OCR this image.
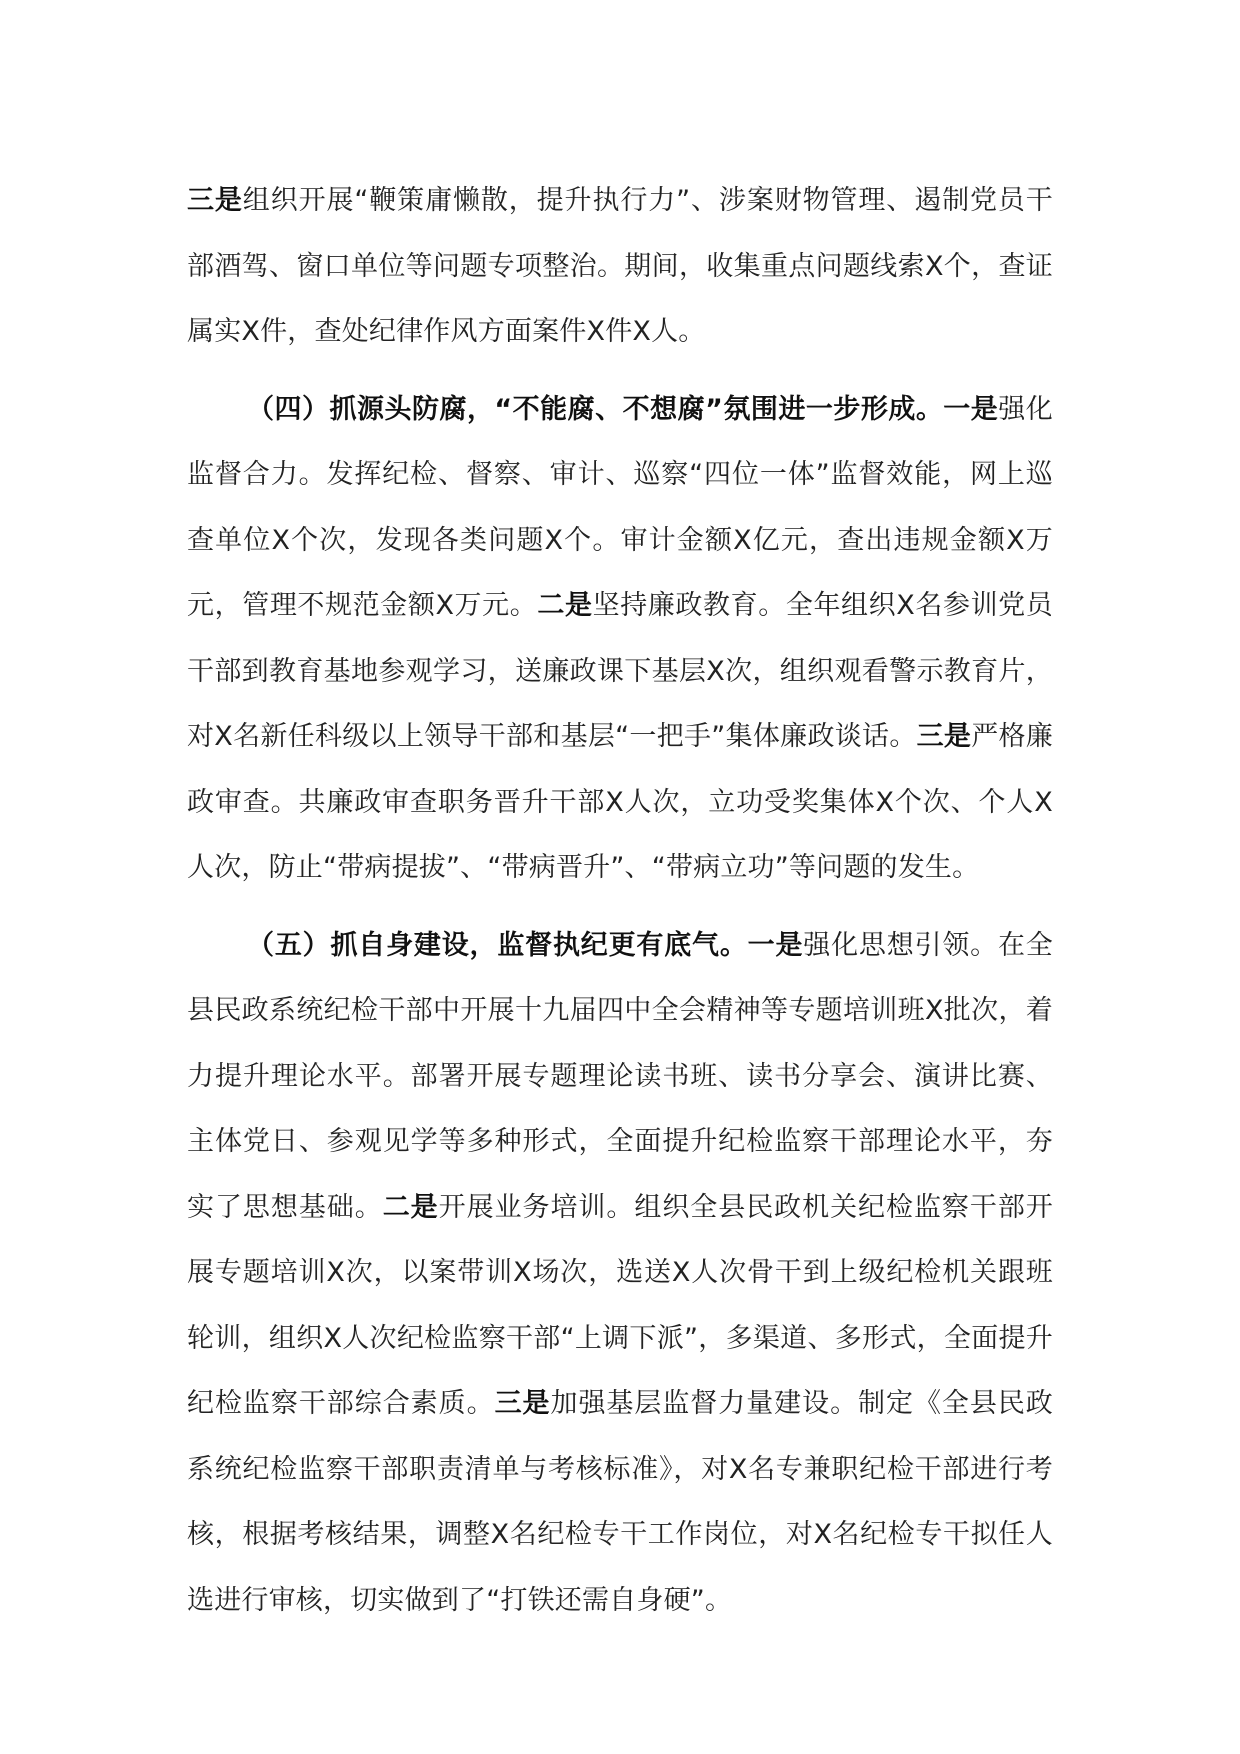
三是组织开展“鞭策庸懒散，提升执行力”、涉案财物管理、遏制党员干部酒驾、窗口单位等问题专项整治。期间，收集重点问题线索X个，查证属实X件，查处纪律作风方面案件X件X人。

（四）抓源头防腐，“不能腐、不想腐”氛围进一步形成。一是强化监督合力。发挥纪检、督察、审计、巡察“四位一体”监督效能，网上巡查单位X个次，发现各类问题X个。审计金额X亿元，查出违规金额X万元，管理不规范金额X万元。二是坚持廉政教育。全年组织X名参训党员干部到教育基地参观学习，送廉政课下基层X次，组织观看警示教育片，对X名新任科级以上领导干部和基层“一把手”集体廉政谈话。三是严格廉政审查。共廉政审查职务晋升干部X人次，立功受奖集体X个次、个人X人次，防止“带病提拔”、“带病晋升”、“带病立功”等问题的发生。

（五）抓自身建设，监督执纪更有底气。一是强化思想引领。在全县民政系统纪检干部中开展十九届四中全会精神等专题培训班X批次，着力提升理论水平。部署开展专题理论读书班、读书分享会、演讲比赛、主体党日、参观见学等多种形式，全面提升纪检监察干部理论水平，夯实了思想基础。二是开展业务培训。组织全县民政机关纪检监察干部开展专题培训X次，以案带训X场次，选送X人次骨干到上级纪检机关跟班轮训，组织X人次纪检监察干部“上调下派”，多渠道、多形式，全面提升纪检监察干部综合素质。三是加强基层监督力量建设。制定《全县民政系统纪检监察干部职责清单与考核标准》，对X名专兼职纪检干部进行考核，根据考核结果，调整X名纪检专干工作岗位，对X名纪检专干拟任人选进行审核，切实做到了“打铁还需自身硬”。
